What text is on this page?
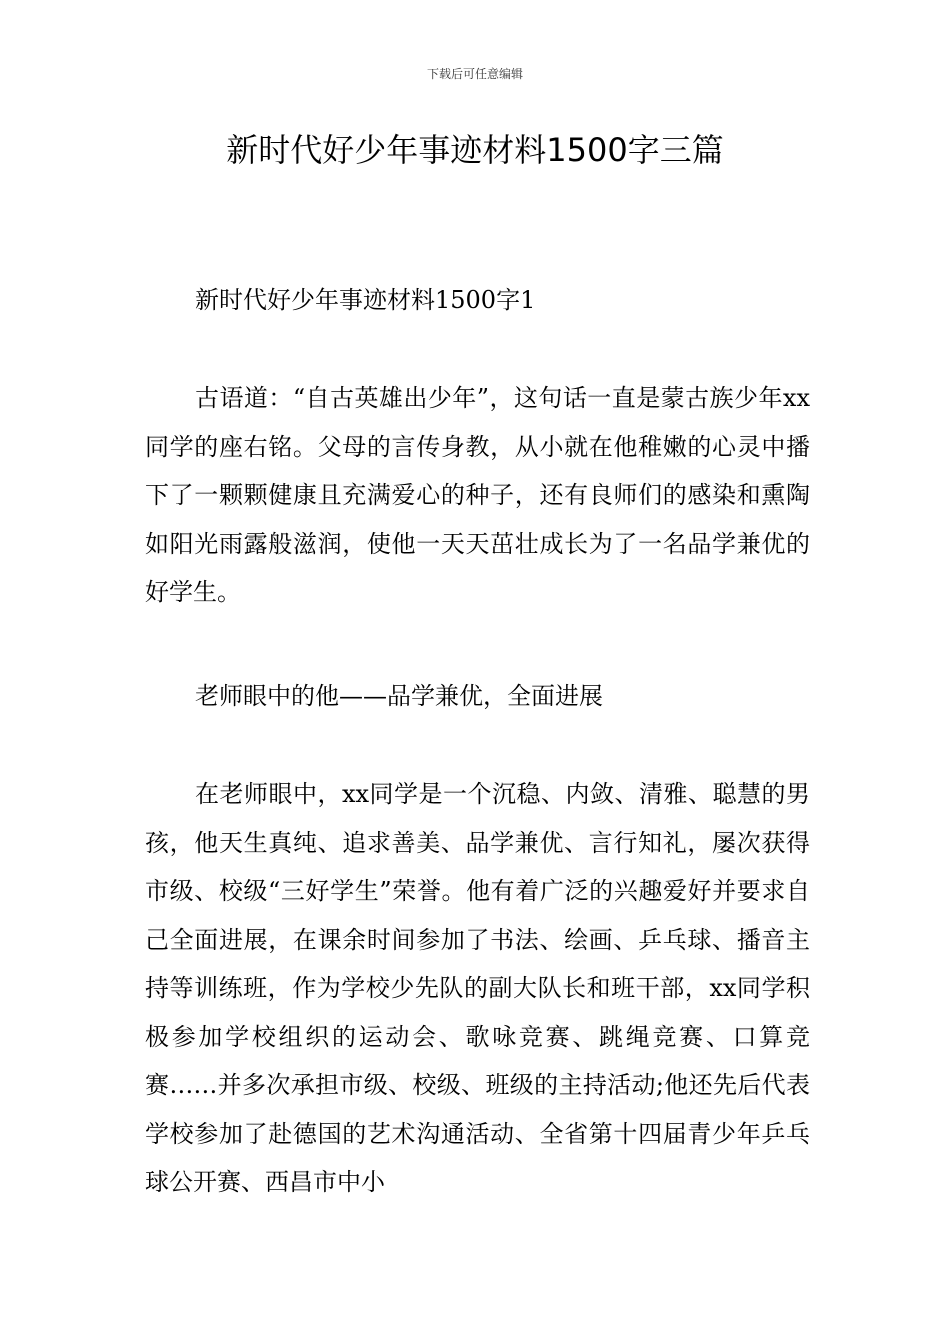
下载后可任意编辑
新时代好少年事迹材料1500字三篇

新时代好少年事迹材料1500字1

古语道：“自古英雄出少年”，这句话一直是蒙古族少年xx同学的座右铭。父母的言传身教，从小就在他稚嫩的心灵中播下了一颗颗健康且充满爱心的种子，还有良师们的感染和熏陶如阳光雨露般滋润，使他一天天茁壮成长为了一名品学兼优的好学生。

老师眼中的他——品学兼优，全面进展

在老师眼中，xx同学是一个沉稳、内敛、清雅、聪慧的男孩，他天生真纯、追求善美、品学兼优、言行知礼，屡次获得市级、校级“三好学生”荣誉。他有着广泛的兴趣爱好并要求自己全面进展，在课余时间参加了书法、绘画、乒乓球、播音主持等训练班，作为学校少先队的副大队长和班干部，xx同学积极参加学校组织的运动会、歌咏竞赛、跳绳竞赛、口算竞赛……并多次承担市级、校级、班级的主持活动;他还先后代表学校参加了赴德国的艺术沟通活动、全省第十四届青少年乒乓球公开赛、西昌市中小
